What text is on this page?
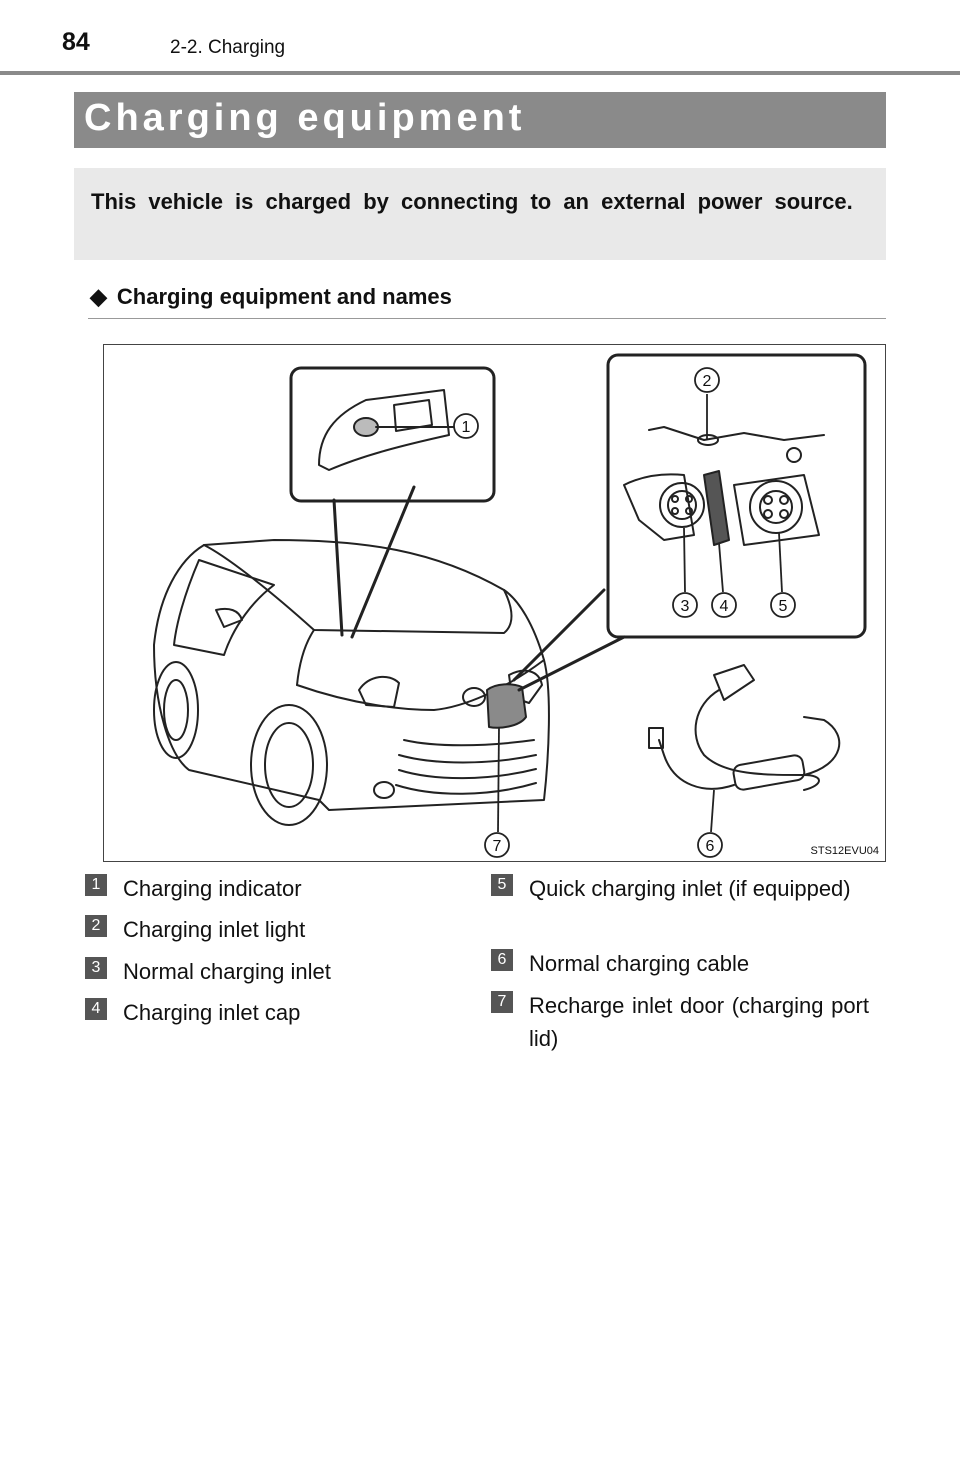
84	2-2. Charging
Charging equipment

This vehicle is charged by connecting to an external power source.

◆ Charging equipment and names
1
2
3 4	5
6
7	STS12EVU04
1 Charging indicator
2 Charging inlet light
3 Normal charging inlet
4 Charging inlet cap
5 Quick charging inlet (if equipped)
6 Normal charging cable
7 Recharge inlet door (charging port lid)
